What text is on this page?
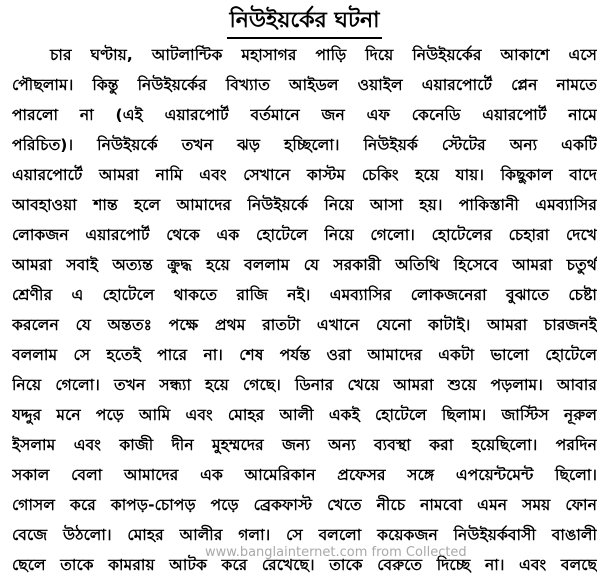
নিউইয়র্কের ঘটনা
চার ঘণ্টায়, আটলান্টিক মহাসাগর পাড়ি দিয়ে নিউইয়র্কের আকাশে এসে
পৌছলাম। কিন্তু নিউইয়র্কের বিখ্যাত আইডল ওয়াইল এয়ারপোর্টে প্লেন নামতে
পারলো না (এই এয়ারপোর্ট বর্তমানে জন এফ কেনেডি এয়ারপোর্ট নামে
পরিচিত)। নিউইয়র্কে তখন ঝড় হচ্ছিলো। নিউইয়র্ক স্টেটের অন্য একটি
এয়ারপোর্টে আমরা নামি এবং সেখানে কাস্টম চেকিং হয়ে যায়। কিছুকাল বাদে
আবহাওয়া শান্ত হলে আমাদের নিউইয়র্কে নিয়ে আসা হয়। পাকিস্তানী এমব্যাসির
লোকজন এয়ারপোর্ট থেকে এক হোটেলে নিয়ে গেলো। হোটেলের চেহারা দেখে
আমরা সবাই অত্যন্ত ক্রুদ্ধ হয়ে বললাম যে সরকারী অতিথি হিসেবে আমরা চতুর্থ
শ্রেণীর এ হোটেলে থাকতে রাজি নই। এমব্যাসির লোকজনেরা বুঝাতে চেষ্টা
করলেন যে অন্ততঃ পক্ষে প্রথম রাতটা এখানে যেনো কাটাই। আমরা চারজনই
বললাম সে হতেই পারে না। শেষ পর্যন্ত ওরা আমাদের একটা ভালো হোটেলে
নিয়ে গেলো। তখন সন্ধ্যা হয়ে গেছে। ডিনার খেয়ে আমরা শুয়ে পড়লাম। আবার
যদ্দুর মনে পড়ে আমি এবং মোহর আলী একই হোটেলে ছিলাম। জাস্টিস নূরুল
ইসলাম এবং কাজী দীন মুহম্মদের জন্য অন্য ব্যবস্থা করা হয়েছিলো। পরদিন
সকাল বেলা আমাদের এক আমেরিকান প্রফেসর সঙ্গে এপয়েন্টমেন্ট ছিলো।
গোসল করে কাপড়-চোপড় পড়ে ব্রেকফাস্ট খেতে নীচে নামবো এমন সময় ফোন
বেজে উঠলো। মোহর আলীর গলা। সে বললো কয়েকজন নিউইয়র্কবাসী বাঙালী
ছেলে তাকে কামরায় আটক করে রেখেছে। তাকে বেরুতে দিচ্ছে না। এবং বলছে
www.banglainternet.com from Collected
